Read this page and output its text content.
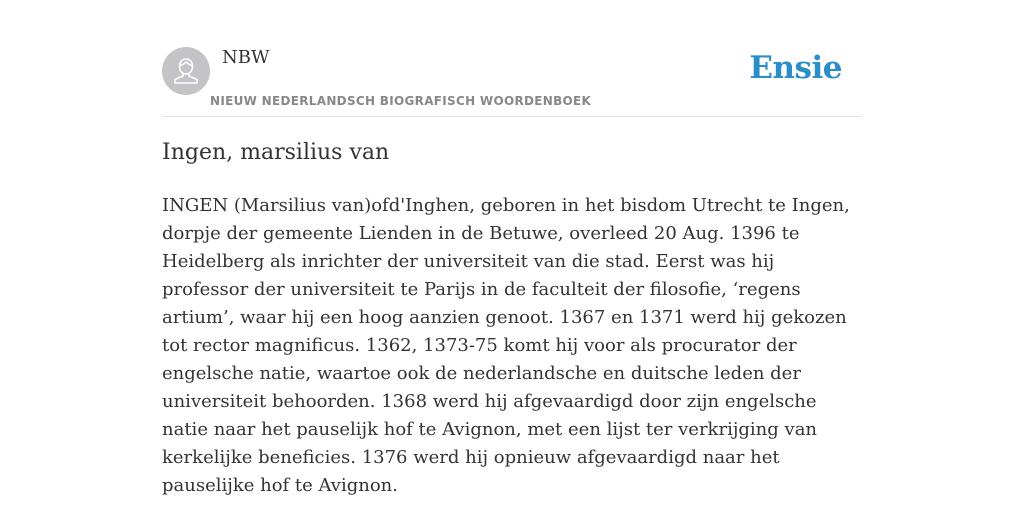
NBW
NIEUW NEDERLANDSCH BIOGRAFISCH WOORDENBOEK
Ensie
Ingen, marsilius van

INGEN (Marsilius van)ofd'Inghen, geboren in het bisdom Utrecht te Ingen, dorpje der gemeente Lienden in de Betuwe, overleed 20 Aug. 1396 te Heidelberg als inrichter der universiteit van die stad. Eerst was hij professor der universiteit te Parijs in de faculteit der filosofie, ‘regens artium’, waar hij een hoog aanzien genoot. 1367 en 1371 werd hij gekozen tot rector magnificus. 1362, 1373-75 komt hij voor als procurator der engelsche natie, waartoe ook de nederlandsche en duitsche leden der universiteit behoorden. 1368 werd hij afgevaardigd door zijn engelsche natie naar het pauselijk hof te Avignon, met een lijst ter verkrijging van kerkelijke beneficies. 1376 werd hij opnieuw afgevaardigd naar het pauselijke hof te Avignon.
